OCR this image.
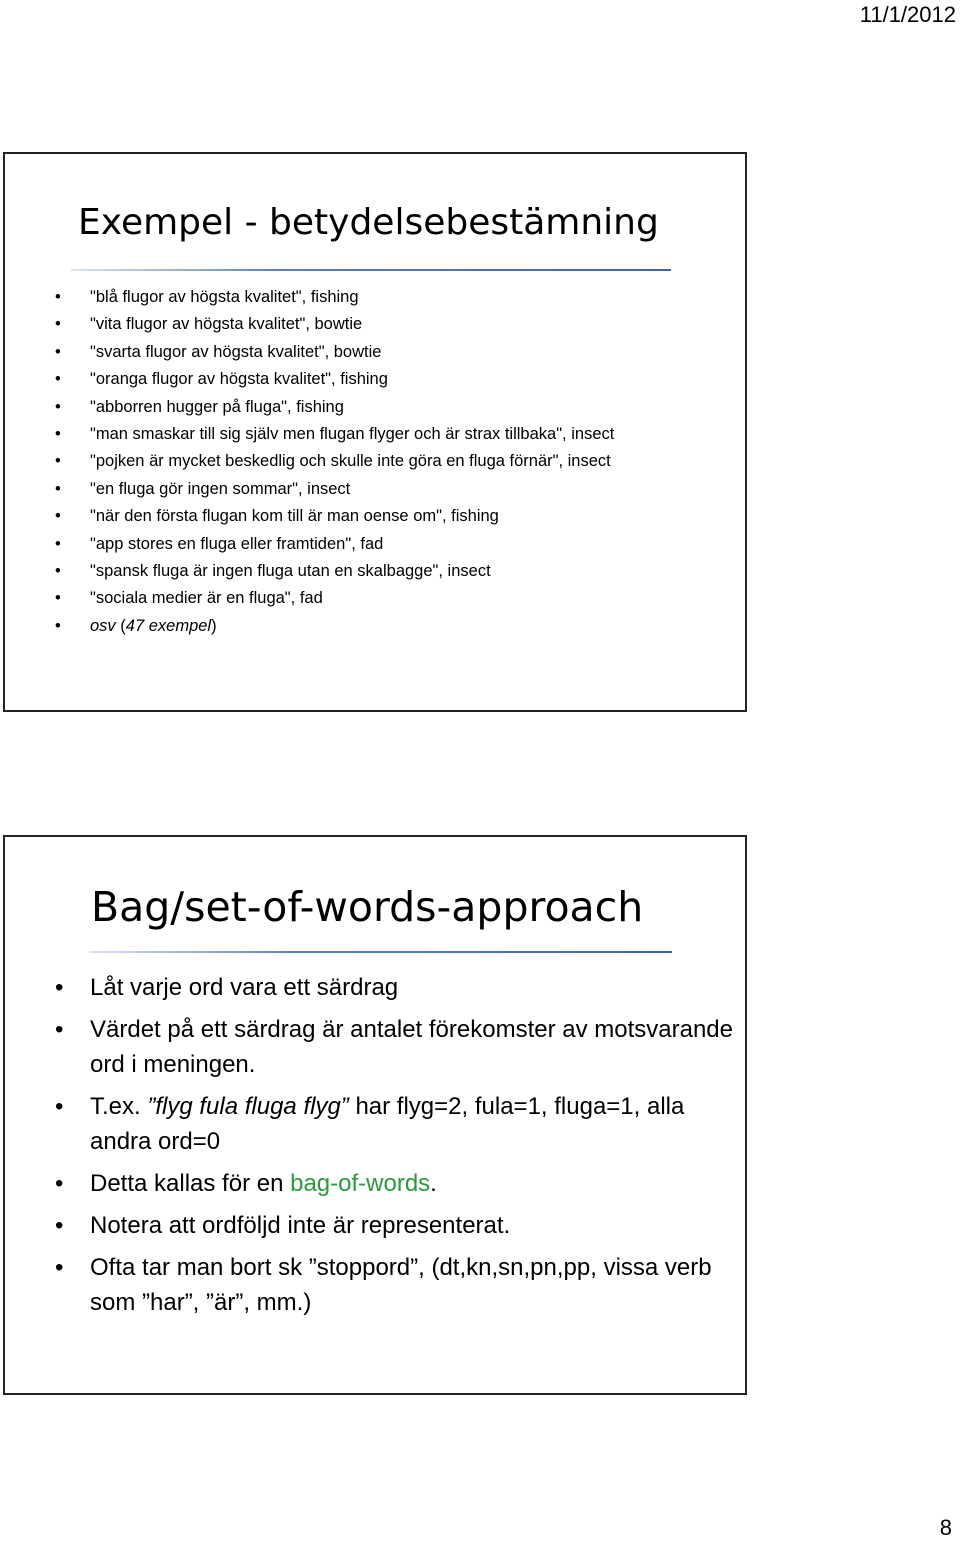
11/1/2012
Exempel - betydelsebestämning
• "blå flugor av högsta kvalitet", fishing
• "vita flugor av högsta kvalitet", bowtie
• "svarta flugor av högsta kvalitet", bowtie
• "oranga flugor av högsta kvalitet", fishing
• "abborren hugger på fluga", fishing
• "man smaskar till sig själv men flugan flyger och är strax tillbaka", insect
• "pojken är mycket beskedlig och skulle inte göra en fluga förnär", insect
• "en fluga gör ingen sommar", insect
• "när den första flugan kom till är man oense om", fishing
• "app stores en fluga eller framtiden", fad
• "spansk fluga är ingen fluga utan en skalbagge", insect
• "sociala medier är en fluga", fad
• osv (47 exempel)
Bag/set-of-words-approach
• Låt varje ord vara ett särdrag
• Värdet på ett särdrag är antalet förekomster av motsvarande ord i meningen.
• T.ex. ”flyg fula fluga flyg” har flyg=2, fula=1, fluga=1, alla andra ord=0
• Detta kallas för en bag-of-words.
• Notera att ordföljd inte är representerat.
• Ofta tar man bort sk ”stoppord”, (dt,kn,sn,pn,pp, vissa verb som ”har”, ”är”, mm.)
8
